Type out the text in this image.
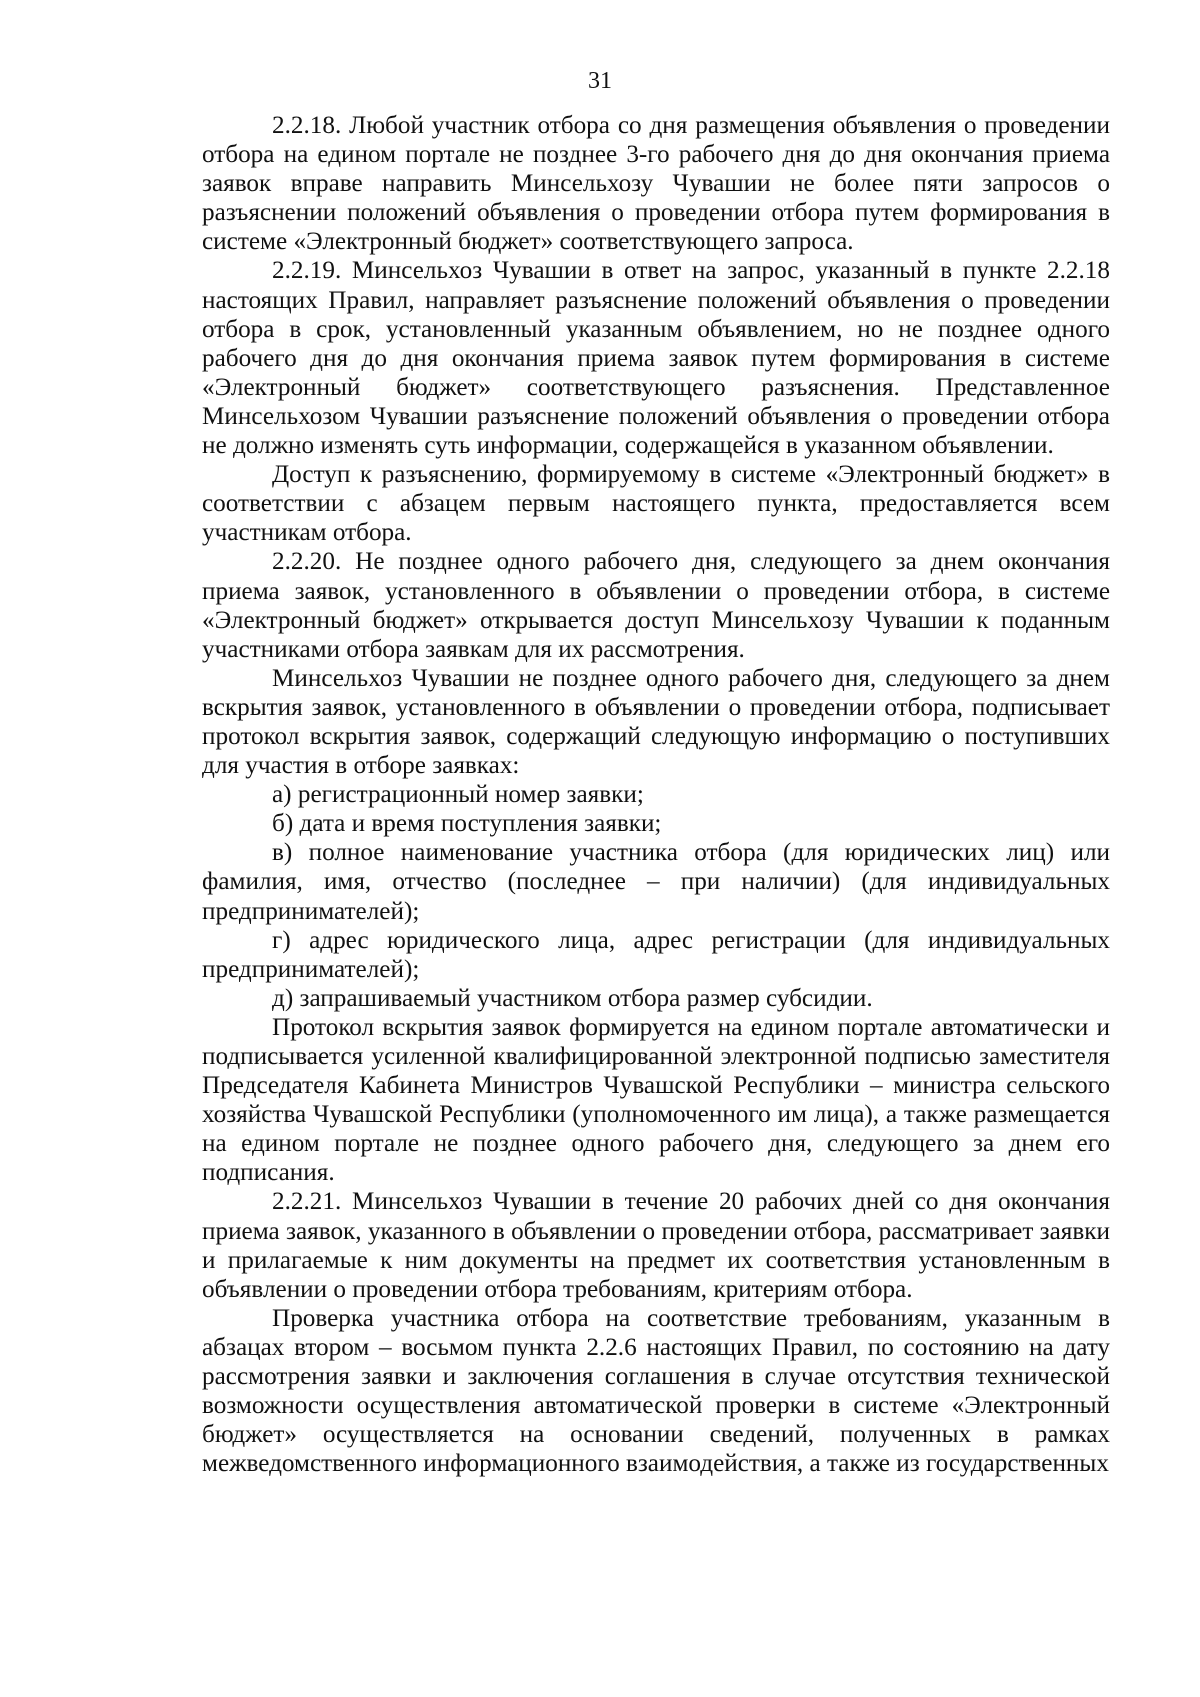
31

2.2.18. Любой участник отбора со дня размещения объявления о проведении отбора на едином портале не позднее 3-го рабочего дня до дня окончания приема заявок вправе направить Минсельхозу Чувашии не более пяти запросов о разъяснении положений объявления о проведении отбора путем формирования в системе «Электронный бюджет» соответствующего запроса.

2.2.19. Минсельхоз Чувашии в ответ на запрос, указанный в пункте 2.2.18 настоящих Правил, направляет разъяснение положений объявления о проведении отбора в срок, установленный указанным объявлением, но не позднее одного рабочего дня до дня окончания приема заявок путем формирования в системе «Электронный бюджет» соответствующего разъяснения. Представленное Минсельхозом Чувашии разъяснение положений объявления о проведении отбора не должно изменять суть информации, содержащейся в указанном объявлении.

Доступ к разъяснению, формируемому в системе «Электронный бюджет» в соответствии с абзацем первым настоящего пункта, предоставляется всем участникам отбора.

2.2.20. Не позднее одного рабочего дня, следующего за днем окончания приема заявок, установленного в объявлении о проведении отбора, в системе «Электронный бюджет» открывается доступ Минсельхозу Чувашии к поданным участниками отбора заявкам для их рассмотрения.

Минсельхоз Чувашии не позднее одного рабочего дня, следующего за днем вскрытия заявок, установленного в объявлении о проведении отбора, подписывает протокол вскрытия заявок, содержащий следующую информацию о поступивших для участия в отборе заявках:

а) регистрационный номер заявки;

б) дата и время поступления заявки;

в) полное наименование участника отбора (для юридических лиц) или фамилия, имя, отчество (последнее – при наличии) (для индивидуальных предпринимателей);

г) адрес юридического лица, адрес регистрации (для индивидуальных предпринимателей);

д) запрашиваемый участником отбора размер субсидии.

Протокол вскрытия заявок формируется на едином портале автоматически и подписывается усиленной квалифицированной электронной подписью заместителя Председателя Кабинета Министров Чувашской Республики – министра сельского хозяйства Чувашской Республики (уполномоченного им лица), а также размещается на едином портале не позднее одного рабочего дня, следующего за днем его подписания.

2.2.21. Минсельхоз Чувашии в течение 20 рабочих дней со дня окончания приема заявок, указанного в объявлении о проведении отбора, рассматривает заявки и прилагаемые к ним документы на предмет их соответствия установленным в объявлении о проведении отбора требованиям, критериям отбора.

Проверка участника отбора на соответствие требованиям, указанным в абзацах втором – восьмом пункта 2.2.6 настоящих Правил, по состоянию на дату рассмотрения заявки и заключения соглашения в случае отсутствия технической возможности осуществления автоматической проверки в системе «Электронный бюджет» осуществляется на основании сведений, полученных в рамках межведомственного информационного взаимодействия, а также из государственных
